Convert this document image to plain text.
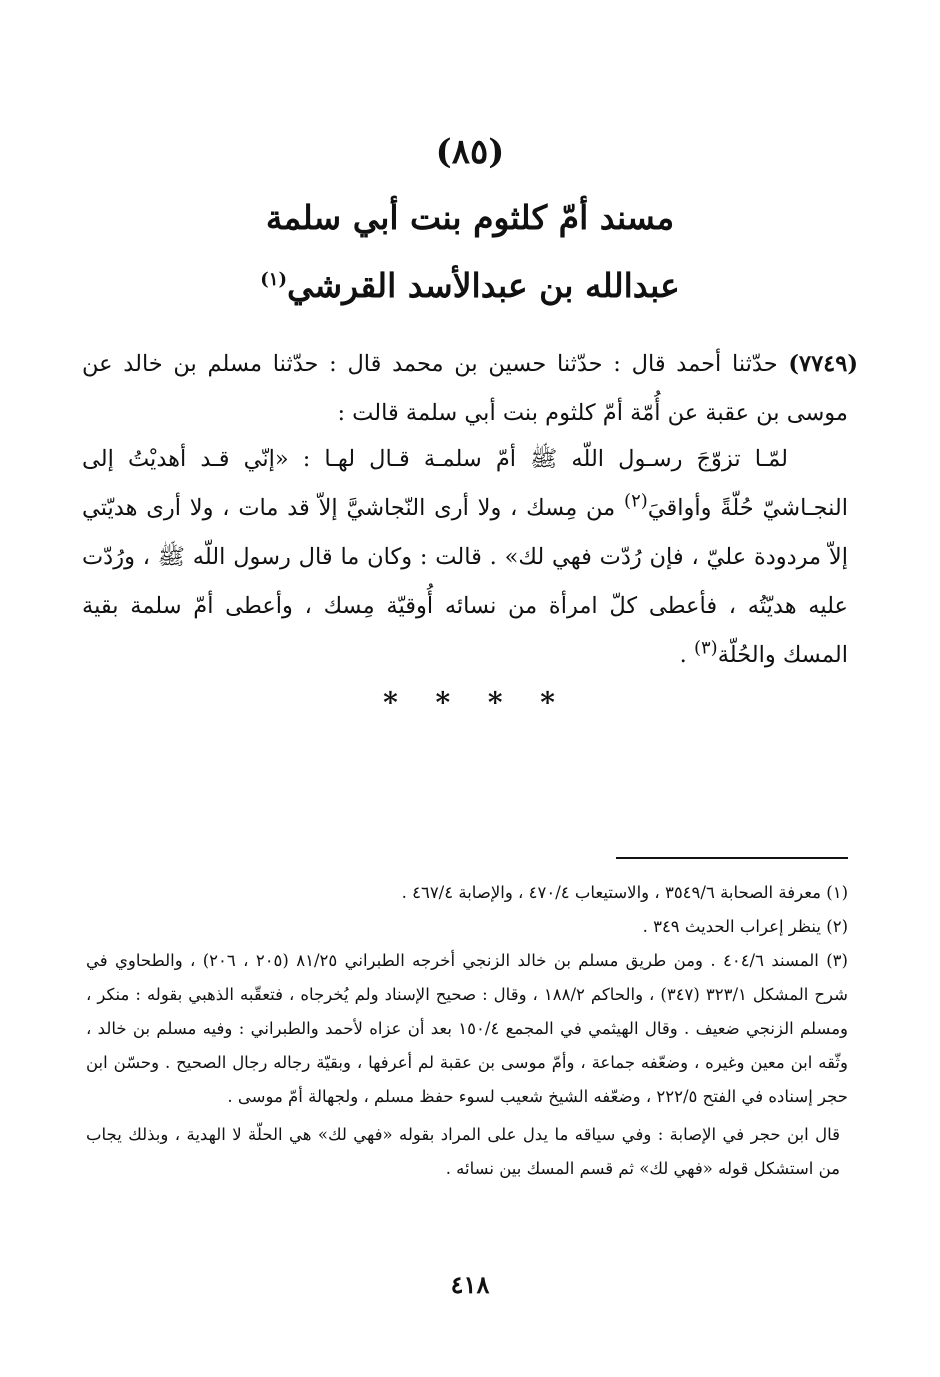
(٨٥)
مسند أمّ كلثوم بنت أبي سلمة
عبدالله بن عبدالأسد القرشي$^{(١)}$
(٧٧٤٩) حدّثنا أحمد قال : حدّثنا حسين بن محمد قال : حدّثنا مسلم بن خالد عن موسى بن عقبة عن أُمّة أمّ كلثوم بنت أبي سلمة قالت :
لمّـا تزوّجَ رسـول اللّه ﷺ أمّ سلمـة قـال لهـا : «إنّي قـد أهديْتُ إلى النجـاشيّ حُلّةً وأواقيَ$^{(٢)}$ من مِسك ، ولا أرى النّجاشيَّ إلاّ قد مات ، ولا أرى هديّتي إلاّ مردودة عليّ ، فإن رُدّت فهي لك» . قالت : وكان ما قال رسول اللّه ﷺ ، ورُدّت عليه هديّتُه ، فأعطى كلّ امرأة من نسائه أُوقيّة مِسك ، وأعطى أمّ سلمة بقية المسك والحُلّة$^{(٣)}$ .
* * * *

(١) معرفة الصحابة ٣٥٤٩/٦ ، والاستيعاب ٤٧٠/٤ ، والإصابة ٤٦٧/٤ .

(٢) ينظر إعراب الحديث ٣٤٩ .

(٣) المسند ٤٠٤/٦ . ومن طريق مسلم بن خالد الزنجي أخرجه الطبراني ٨١/٢٥ (٢٠٥ ، ٢٠٦) ، والطحاوي في شرح المشكل ٣٢٣/١ (٣٤٧) ، والحاكم ١٨٨/٢ ، وقال : صحيح الإسناد ولم يُخرجاه ، فتعقّبه الذهبي بقوله : منكر ، ومسلم الزنجي ضعيف . وقال الهيثمي في المجمع ١٥٠/٤ بعد أن عزاه لأحمد والطبراني : وفيه مسلم بن خالد ، وثّقه ابن معين وغيره ، وضعّفه جماعة ، وأمّ موسى بن عقبة لم أعرفها ، وبقيّة رجاله رجال الصحيح . وحسّن ابن حجر إسناده في الفتح ٢٢٢/٥ ، وضعّفه الشيخ شعيب لسوء حفظ مسلم ، ولجهالة أمّ موسى .

قال ابن حجر في الإصابة : وفي سياقه ما يدل على المراد بقوله «فهي لك» هي الحلّة لا الهدية ، وبذلك يجاب من استشكل قوله «فهي لك» ثم قسم المسك بين نسائه .

٤١٨
